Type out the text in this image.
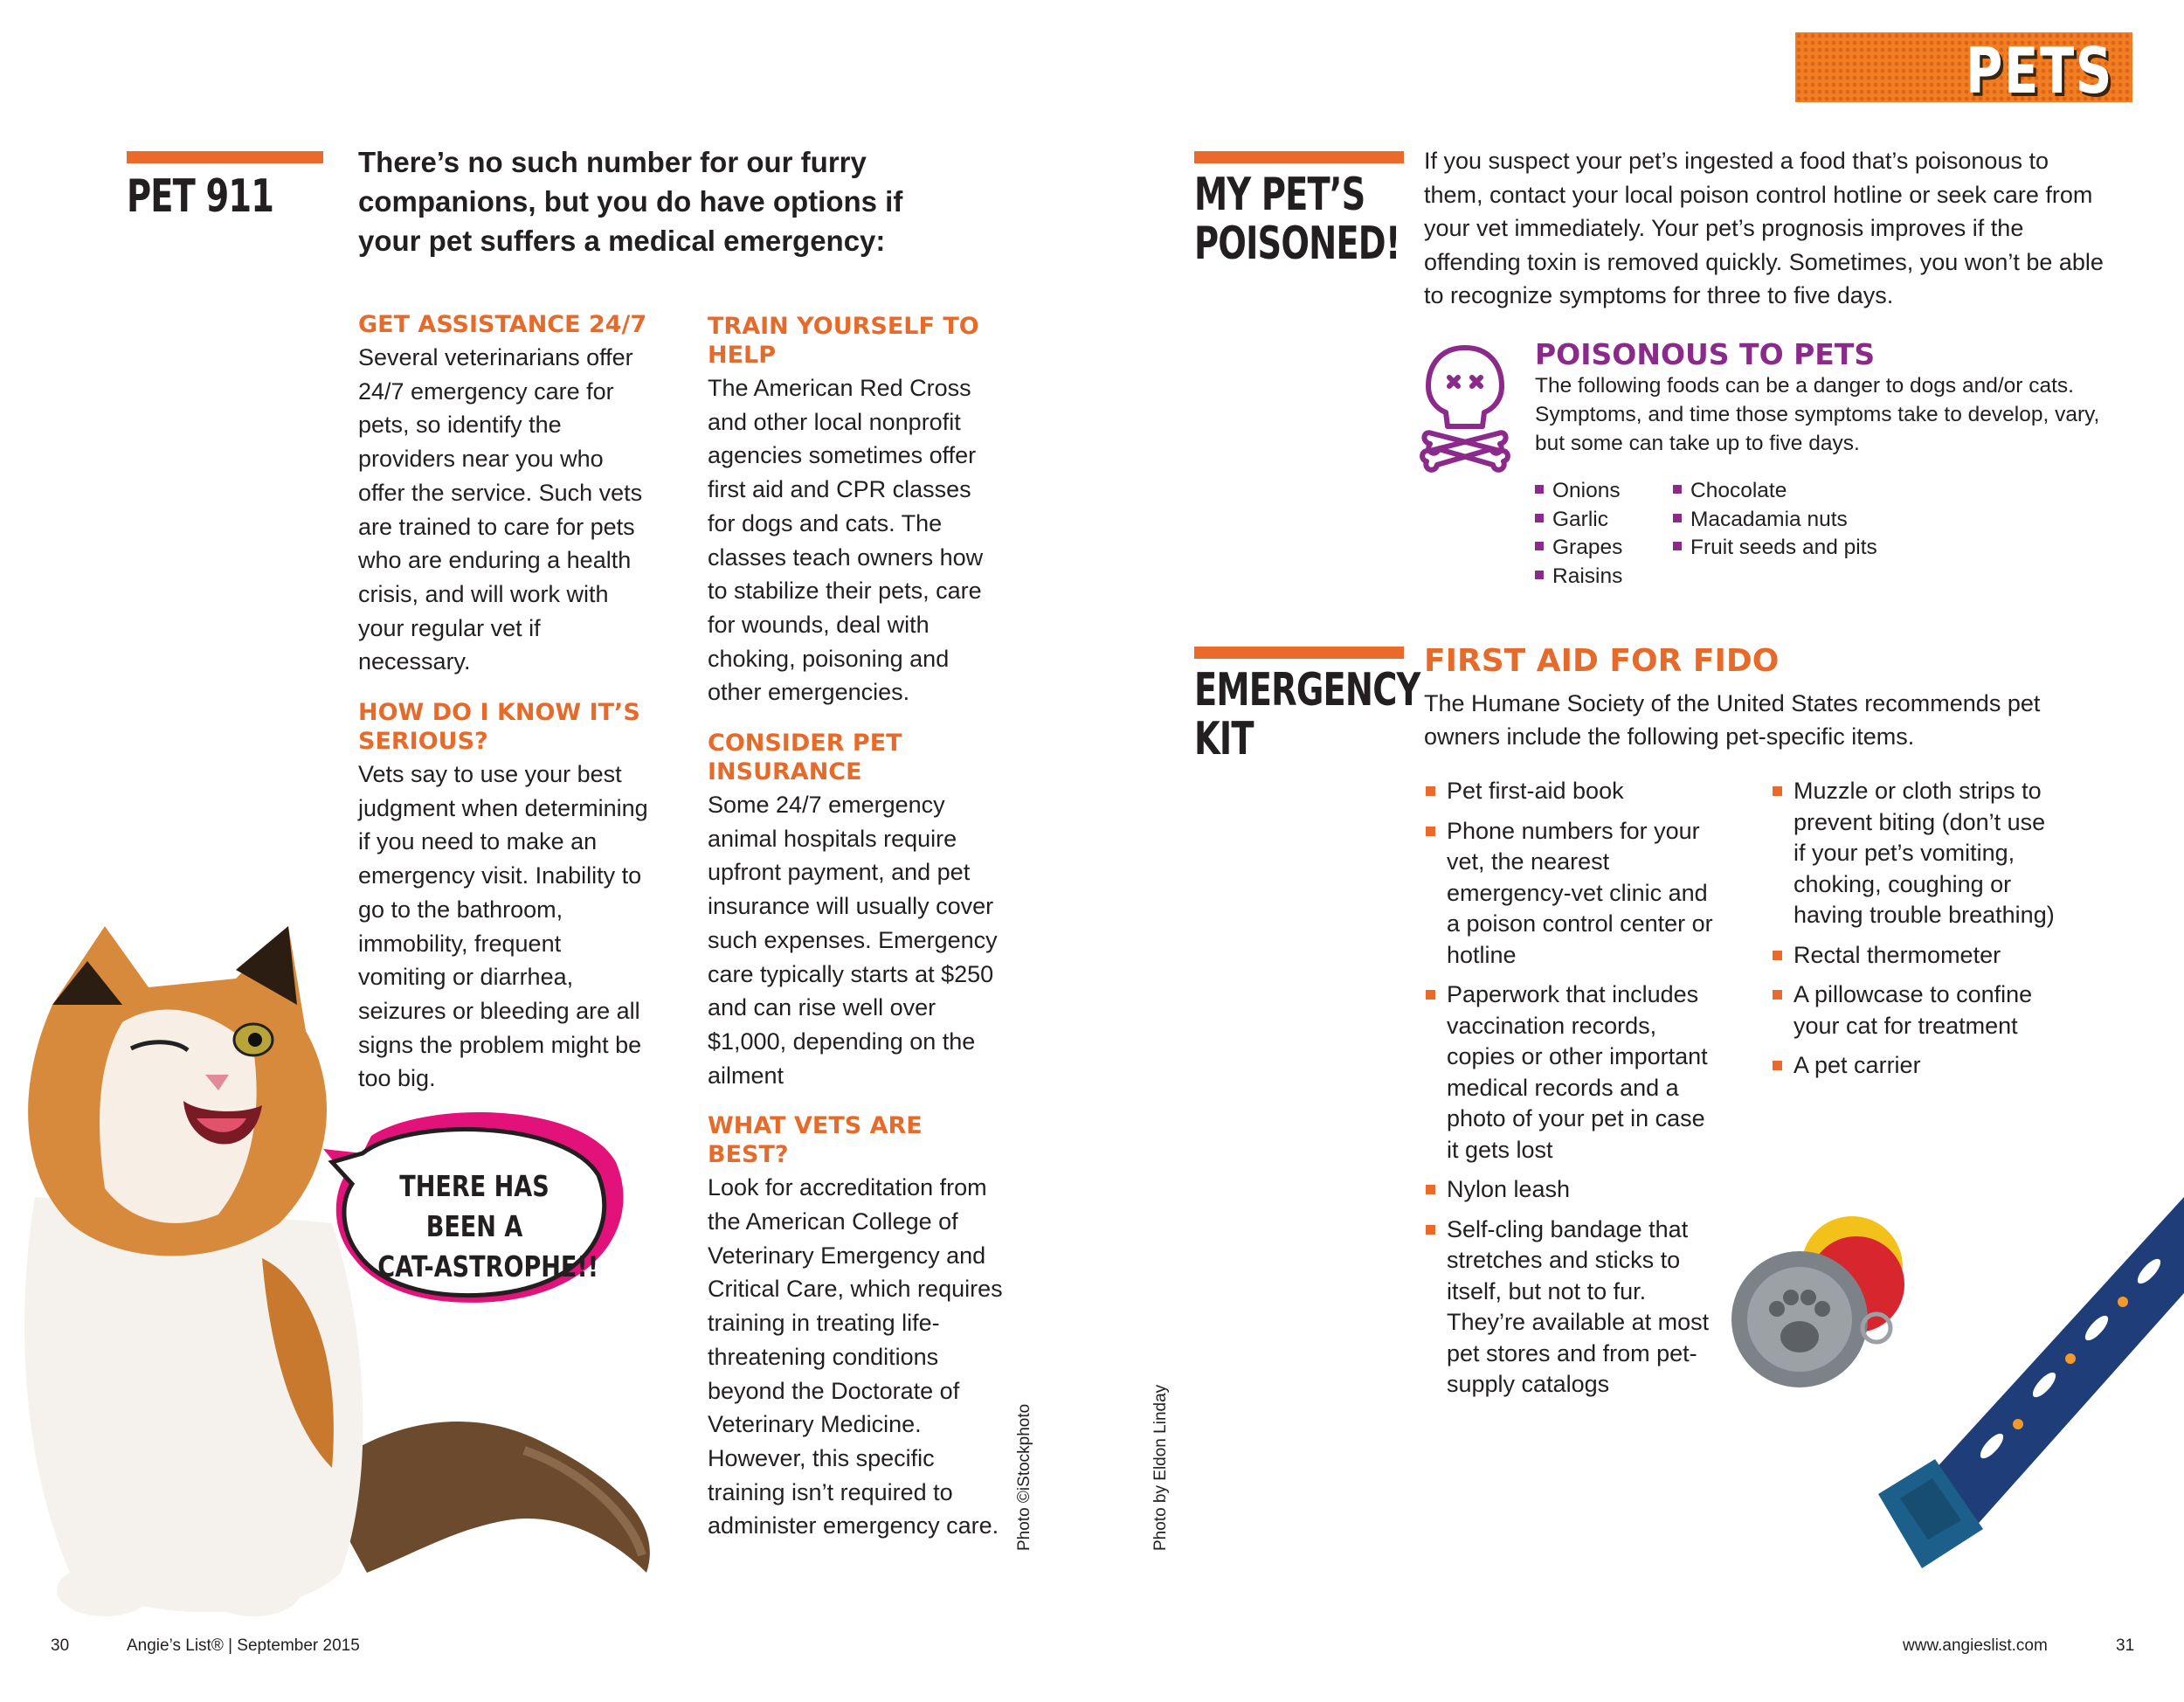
PETS
PET 911
There’s no such number for our furry companions, but you do have options if your pet suffers a medical emergency:

GET ASSISTANCE 24/7

Several veterinarians offer 24/7 emergency care for pets, so identify the providers near you who offer the service. Such vets are trained to care for pets who are enduring a health crisis, and will work with your regular vet if necessary.

HOW DO I KNOW IT’S SERIOUS?

Vets say to use your best judgment when determining if you need to make an emergency visit. Inability to go to the bathroom, immobility, frequent vomiting or diarrhea, seizures or bleeding are all signs the problem might be too big.

TRAIN YOURSELF TO HELP

The American Red Cross and other local nonprofit agencies sometimes offer first aid and CPR classes for dogs and cats. The classes teach owners how to stabilize their pets, care for wounds, deal with choking, poisoning and other emergencies.

CONSIDER PET INSURANCE

Some 24/7 emergency animal hospitals require upfront payment, and pet insurance will usually cover such expenses. Emergency care typically starts at $250 and can rise well over $1,000, depending on the ailment

WHAT VETS ARE BEST?

Look for accreditation from the American College of Veterinary Emergency and Critical Care, which requires training in treating life-threatening conditions beyond the Doctorate of Veterinary Medicine. However, this specific training isn’t required to administer emergency care.

THERE HAS
BEEN A
CAT-ASTROPHE!!
Photo ©iStockphoto	Photo by Eldon Linday
MY PET’S
POISONED!
If you suspect your pet’s ingested a food that’s poisonous to them, contact your local poison control hotline or seek care from your vet immediately. Your pet’s prognosis improves if the offending toxin is removed quickly. Sometimes, you won’t be able to recognize symptoms for three to five days.
POISONOUS TO PETS
The following foods can be a danger to dogs and/or cats. Symptoms, and time those symptoms take to develop, vary, but some can take up to five days.
Onions
Garlic
Grapes
Raisins
Chocolate
Macadamia nuts
Fruit seeds and pits
EMERGENCY
KIT
FIRST AID FOR FIDO
The Humane Society of the United States recommends pet owners include the following pet-specific items.
Pet first-aid book
Phone numbers for your vet, the nearest emergency-vet clinic and a poison control center or hotline
Paperwork that includes vaccination records, copies or other important medical records and a photo of your pet in case it gets lost
Nylon leash
Self-cling bandage that stretches and sticks to itself, but not to fur. They’re available at most pet stores and from pet-supply catalogs
Muzzle or cloth strips to prevent biting (don’t use if your pet’s vomiting, choking, coughing or having trouble breathing)
Rectal thermometer
A pillowcase to confine your cat for treatment
A pet carrier
30	Angie’s List® | September 2015	www.angieslist.com	31
